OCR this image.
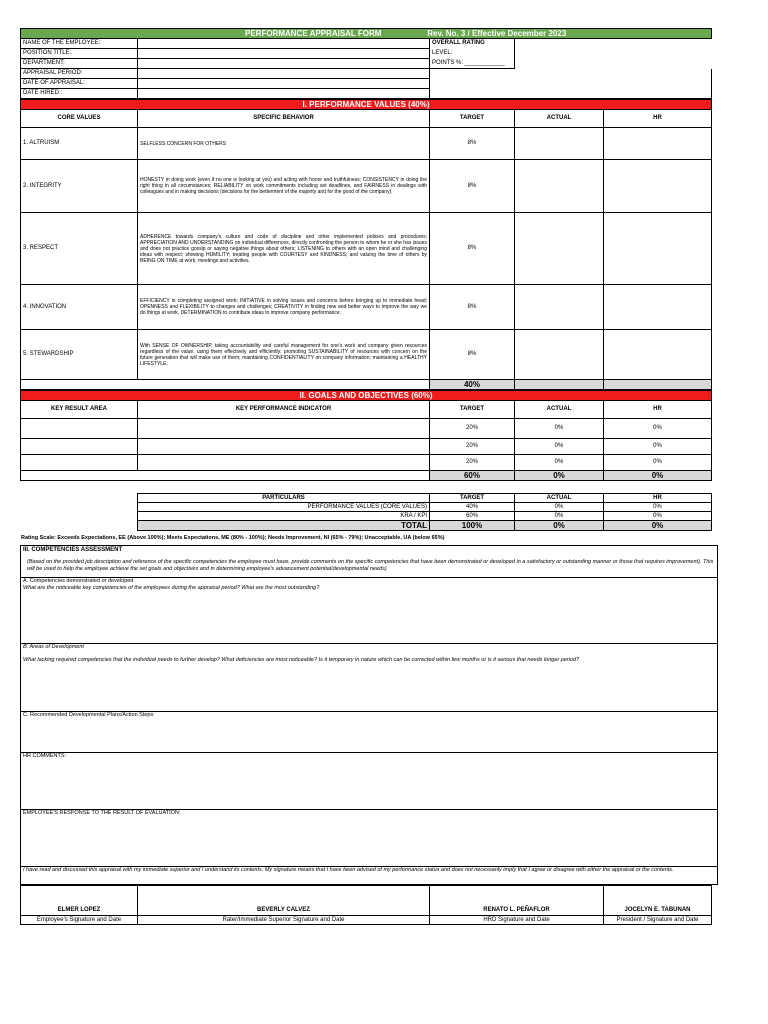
PERFORMANCE APPRAISAL FORM Rev. No. 3 / Effective December 2023			
NAME OF THE EMPLOYEE:		OVERALL RATING	
POSITION TITLE:		LEVEL:	
DEPARTMENT:		POINTS %: ____________	
APPRAISAL PERIOD:			
DATE OF APPRAISAL:			
DATE HIRED :			
I. PERFORMANCE VALUES (40%)				
CORE VALUES	SPECIFIC BEHAVIOR	TARGET	ACTUAL	HR
1. ALTRUISM	SELFLESS CONCERN FOR OTHERS	8%		
2. INTEGRITY	HONESTY in doing work (even if no one is looking at you) and acting with honor and truthfulness; CONSISTENCY in doing the right thing in all circumstances; RELIABILITY on work commitments including set deadlines, and FAIRNESS in dealings with colleagues and in making decisions (decisions for the betterment of the majority and for the good of the company).	8%		
3. RESPECT	ADHERENCE towards company's culture and code of discipline and other implemented policies and procedures; APPRECIATION AND UNDERSTANDING on individual differences, directly confronting the person to whom he or she has issues and does not practice gossip or saying negative things about others; LISTENING to others with an open mind and challenging ideas with respect; showing HUMILITY; treating people with COURTESY and KINDNESS; and valuing the time of others by BEING ON TIME at work, meetings and activities.	8%		
4. INNOVATION	EFFICIENCY in completing assigned work; INITIATIVE in solving issues and concerns before bringing up to immediate head; OPENNESS and FLEXIBILITY to changes and challenges; CREATIVITY in finding new and better ways to improve the way we do things at work, DETERMINATION to contribute ideas to improve company performance.	8%		
5. STEWARDSHIP	With SENSE OF OWNERSHIP, taking accountability and careful management for one's work and company given resources regardless of the value, using them effectively and efficiently; promoting SUSTAINABILITY of resources with concern on the future generation that will make use of them; maintaining CONFIDENTIALITY on company information; maintaining a HEALTHY LIFESTYLE.	8%		
		40%		
II. GOALS AND OBJECTIVES (60%)				
KEY RESULT AREA	KEY PERFORMANCE INDICATOR	TARGET	ACTUAL	HR
		20%	0%	0%
		20%	0%	0%
		20%	0%	0%
		60%	0%	0%
PARTICULARS	TARGET	ACTUAL	HR
PERFORMANCE VALUES (CORE VALUES)	40%	0%	0%
KRA / KPI	60%	0%	0%
TOTAL	100%	0%	0%
Rating Scale: Exceeds Expectations, EE (Above 100%); Meets Expectations, ME (80% - 100%); Needs Improvement, NI (65% - 79%); Unacceptable, UA (below 65%)
III. COMPETENCIES ASSESSMENT
(Based on the provided job description and reference of the specific competencies the employee must have, provide comments on the specific competencies that have been demonstrated or developed in a satisfactory or outstanding manner or those that requires improvement). This will be used to help the employee achieve the set goals and objectives and in determining employee's advancement potential/developmental needs)

A. Competencies demonstrated or developed
What are the noticeable key competencies of the employees during the appraisal period? What are the most outstanding?

B. Areas of Development
What lacking required competencies that the individual needs to further develop? What deficiencies are most noticeable? Is it temporary in nature which can be corrected within few months or is it serious that needs longer period?

C. Recommended Developmental Plans/Action Steps:

HR COMMENTS:

EMPLOYEE'S RESPONSE TO THE RESULT OF EVALUATION:

I have read and discussed this appraisal with my immediate superior and I understand its contents. My signature means that I have been advised of my performance status and does not necessarily imply that I agree or disagree with either the appraisal or the contents.
ELMER LOPEZ	BEVERLY CALVEZ	RENATO L. PEÑAFLOR	JOCELYN E. TABUNAN
Employee's Signature and Date	Rater/Immediate Superior Signature and Date	HRD Signature and Date	President / Signature and Date
